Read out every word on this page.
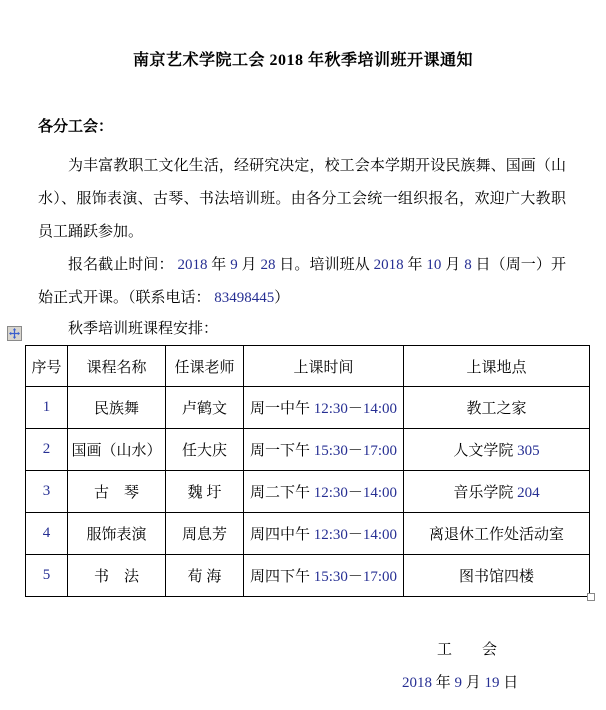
南京艺术学院工会 2018 年秋季培训班开课通知
各分工会：
为丰富教职工文化生活，经研究决定，校工会本学期开设民族舞、国画（山水）、服饰表演、古琴、书法培训班。由各分工会统一组织报名，欢迎广大教职员工踊跃参加。
报名截止时间： 2018 年 9 月 28 日。培训班从 2018 年 10 月 8 日（周一）开始正式开课。（联系电话： 83498445）
秋季培训班课程安排：
序号	课程名称	任课老师	上课时间	上课地点
1	民族舞	卢鹤文	周一中午 12:30－14:00	教工之家
2	国画（山水）	任大庆	周一下午 15:30－17:00	人文学院 305
3	古　琴	魏 圩	周二下午 12:30－14:00	音乐学院 204
4	服饰表演	周息芳	周四中午 12:30－14:00	离退休工作处活动室
5	书　法	荀 海	周四下午 15:30－17:00	图书馆四楼
工　　会
2018 年 9 月 19 日
